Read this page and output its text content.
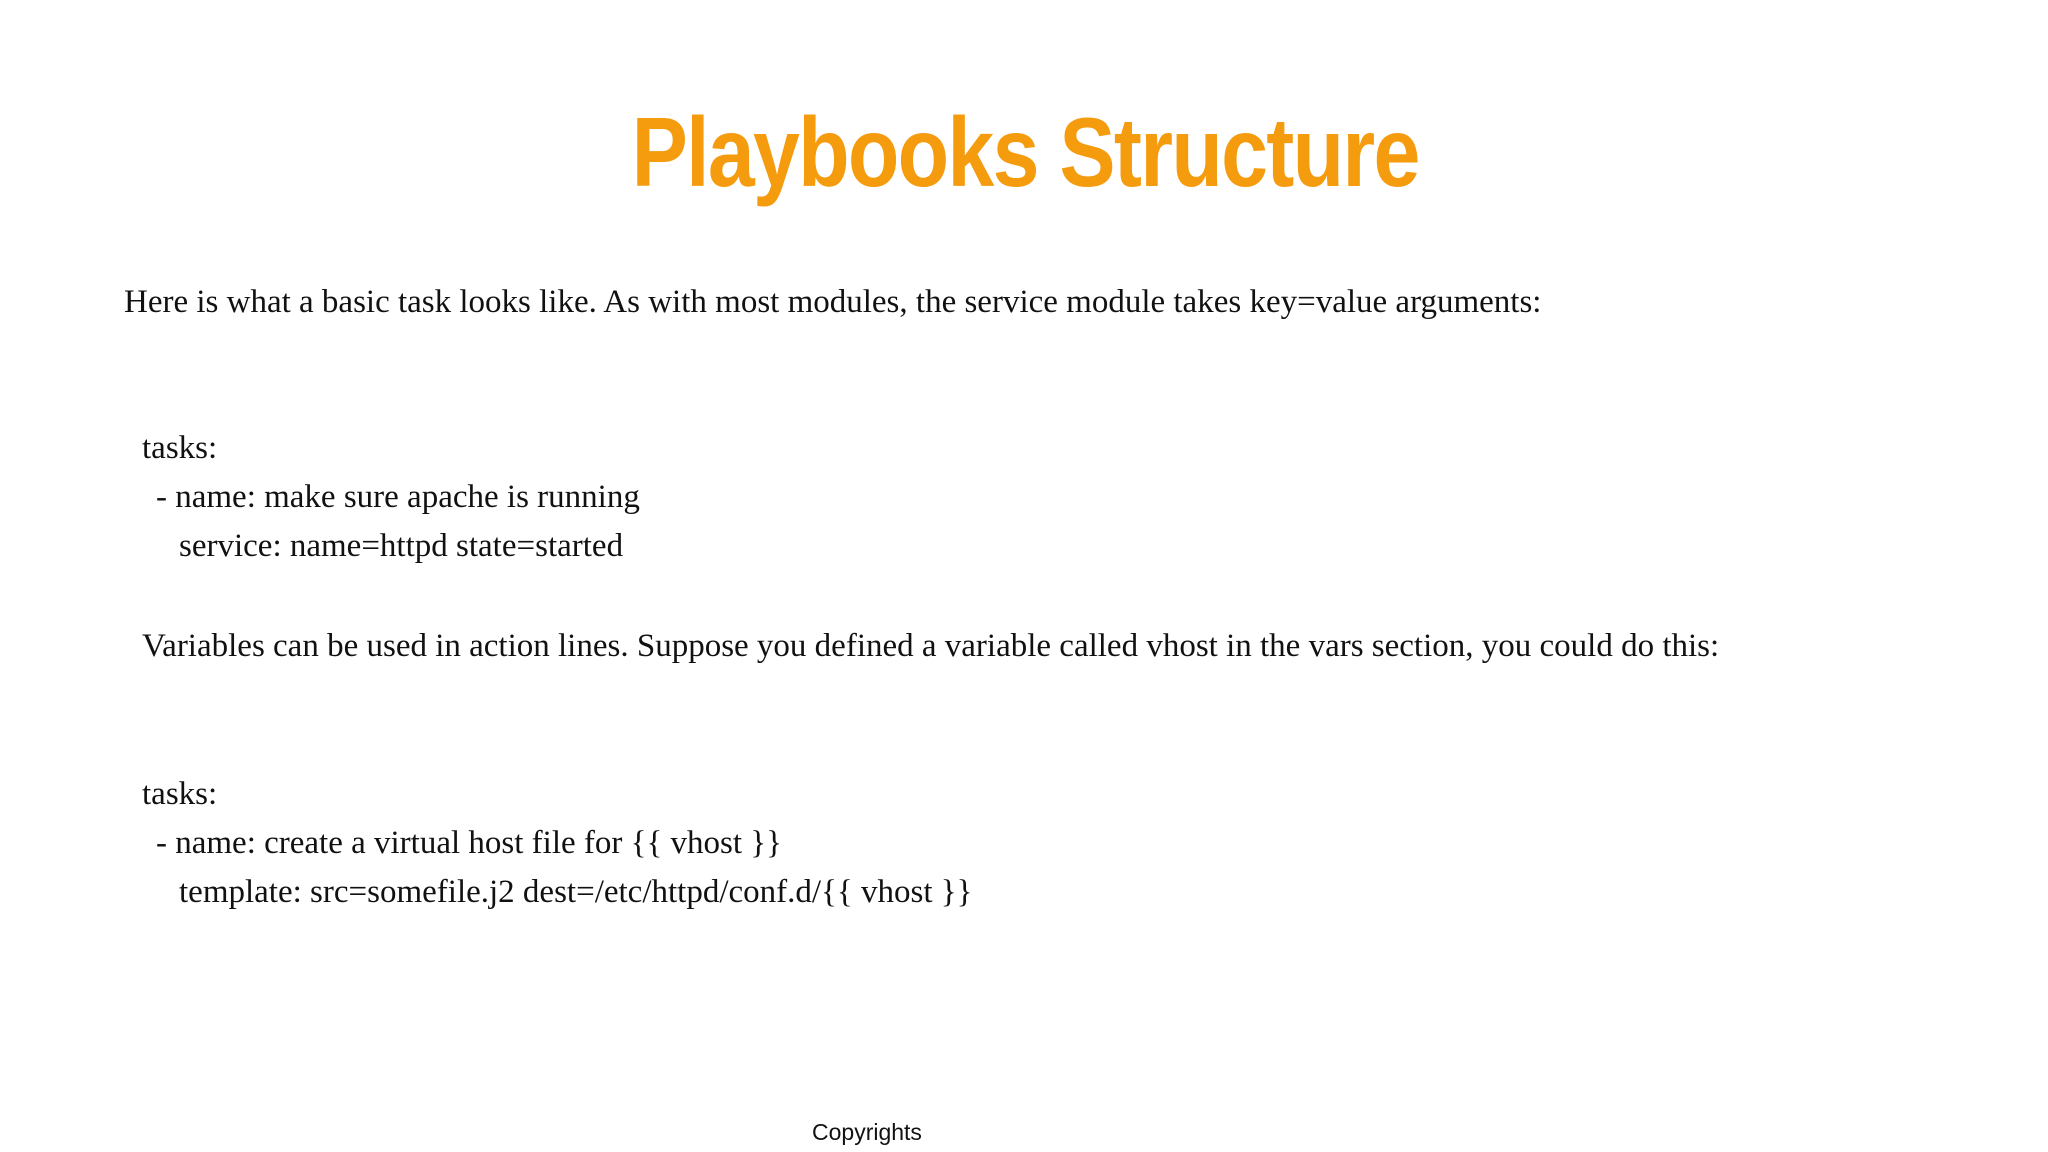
Playbooks Structure
Here is what a basic task looks like. As with most modules, the service module takes key=value arguments:
tasks:
- name: make sure apache is running
service: name=httpd state=started
Variables can be used in action lines. Suppose you defined a variable called vhost in the vars section, you could do this:
tasks:
- name: create a virtual host file for {{ vhost }}
template: src=somefile.j2 dest=/etc/httpd/conf.d/{{ vhost }}
Copyrights
